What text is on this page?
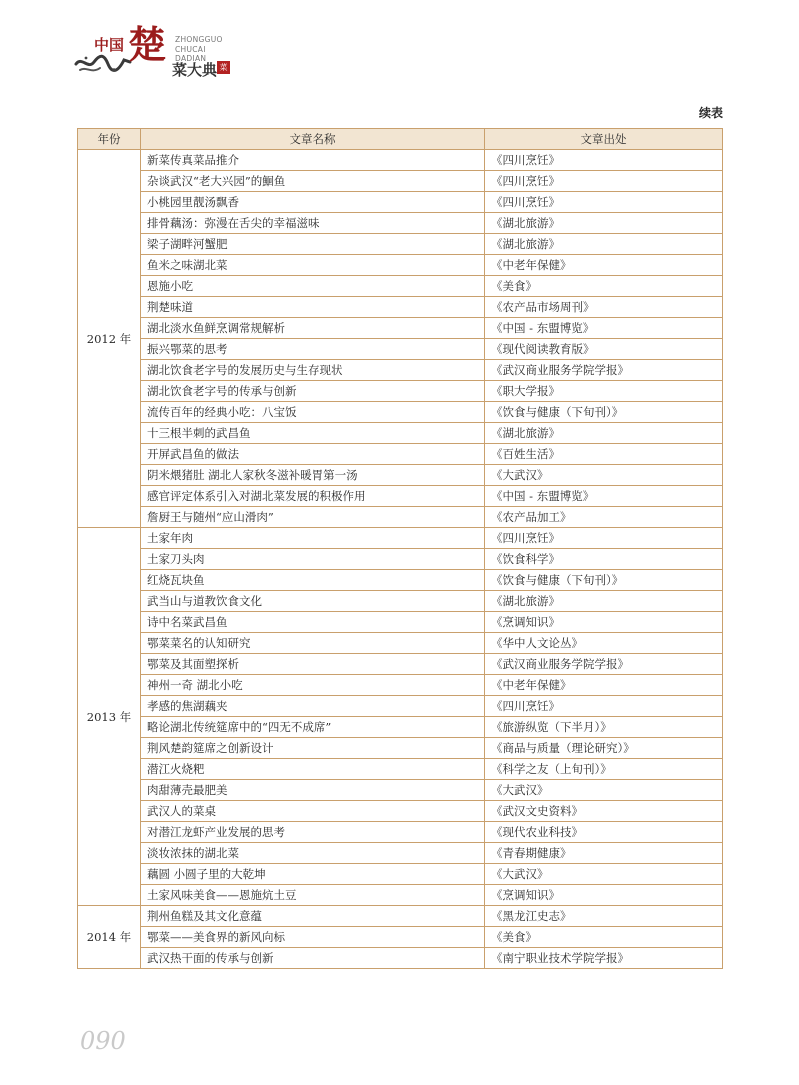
中国 楚 ZHONGGUO
CHUCAI DADIAN
菜大典 菜
续表
年份	文章名称	文章出处
2012 年	新菜传真菜品推介	《四川烹饪》
	杂谈武汉“老大兴园”的鮰鱼	《四川烹饪》
	小桃园里靓汤飘香	《四川烹饪》
	排骨藕汤：弥漫在舌尖的幸福滋味	《湖北旅游》
	梁子湖畔河蟹肥	《湖北旅游》
	鱼米之味湖北菜	《中老年保健》
	恩施小吃	《美食》
	荆楚味道	《农产品市场周刊》
	湖北淡水鱼鲜烹调常规解析	《中国 - 东盟博览》
	振兴鄂菜的思考	《现代阅读教育版》
	湖北饮食老字号的发展历史与生存现状	《武汉商业服务学院学报》
	湖北饮食老字号的传承与创新	《职大学报》
	流传百年的经典小吃：八宝饭	《饮食与健康（下旬刊）》
	十三根半刺的武昌鱼	《湖北旅游》
	开屏武昌鱼的做法	《百姓生活》
	阴米煨猪肚 湖北人家秋冬滋补暖胃第一汤	《大武汉》
	感官评定体系引入对湖北菜发展的积极作用	《中国 - 东盟博览》
	詹厨王与随州“应山滑肉”	《农产品加工》
2013 年	土家年肉	《四川烹饪》
	土家刀头肉	《饮食科学》
	红烧瓦块鱼	《饮食与健康（下旬刊）》
	武当山与道教饮食文化	《湖北旅游》
	诗中名菜武昌鱼	《烹调知识》
	鄂菜菜名的认知研究	《华中人文论丛》
	鄂菜及其面塑探析	《武汉商业服务学院学报》
	神州一奇 湖北小吃	《中老年保健》
	孝感的焦湖藕夹	《四川烹饪》
	略论湖北传统筵席中的“四无不成席”	《旅游纵览（下半月）》
	荆风楚韵筵席之创新设计	《商品与质量（理论研究）》
	潜江火烧粑	《科学之友（上旬刊）》
	肉甜薄壳最肥美	《大武汉》
	武汉人的菜桌	《武汉文史资料》
	对潜江龙虾产业发展的思考	《现代农业科技》
	淡妆浓抹的湖北菜	《青春期健康》
	藕圆 小圆子里的大乾坤	《大武汉》
	土家风味美食——恩施炕土豆	《烹调知识》
2014 年	荆州鱼糕及其文化意蕴	《黑龙江史志》
	鄂菜——美食界的新风向标	《美食》
	武汉热干面的传承与创新	《南宁职业技术学院学报》
090
